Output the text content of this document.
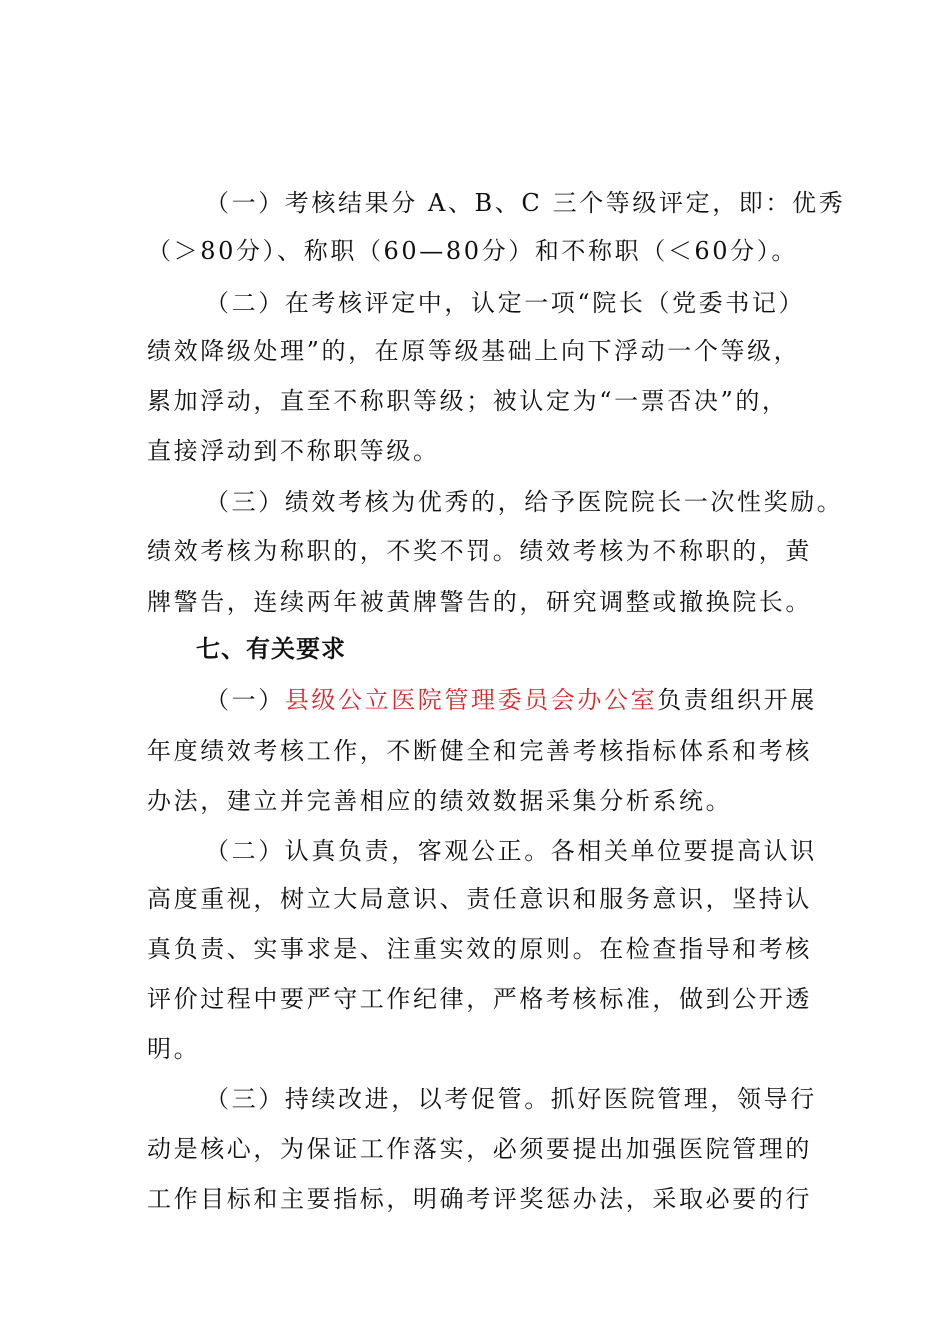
（一）考核结果分 A、B、C 三个等级评定，即：优秀
（＞80分）、称职（60—80分）和不称职（＜60分）。
（二）在考核评定中，认定一项“院长（党委书记）
绩效降级处理”的，在原等级基础上向下浮动一个等级，
累加浮动，直至不称职等级；被认定为“一票否决”的，
直接浮动到不称职等级。
（三）绩效考核为优秀的，给予医院院长一次性奖励。
绩效考核为称职的，不奖不罚。绩效考核为不称职的，黄
牌警告，连续两年被黄牌警告的，研究调整或撤换院长。
七、有关要求
（一）县级公立医院管理委员会办公室负责组织开展
年度绩效考核工作，不断健全和完善考核指标体系和考核
办法，建立并完善相应的绩效数据采集分析系统。
（二）认真负责，客观公正。各相关单位要提高认识
高度重视，树立大局意识、责任意识和服务意识，坚持认
真负责、实事求是、注重实效的原则。在检查指导和考核
评价过程中要严守工作纪律，严格考核标准，做到公开透
明。
（三）持续改进，以考促管。抓好医院管理，领导行
动是核心，为保证工作落实，必须要提出加强医院管理的
工作目标和主要指标，明确考评奖惩办法，采取必要的行
